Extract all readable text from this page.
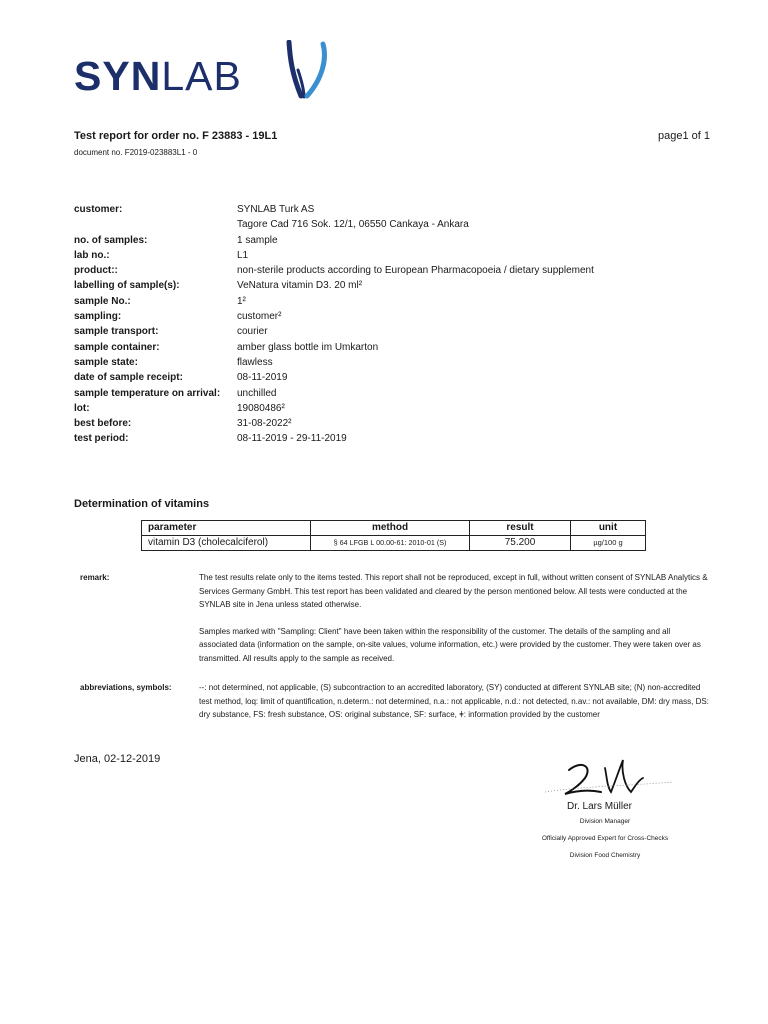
SYNLAB
Test report for order no. F 23883 - 19L1	page1 of 1
document no. F2019-023883L1 - 0
customer:	SYNLAB Turk AS
Tagore Cad 716 Sok. 12/1, 06550 Cankaya - Ankara
no. of samples:	1 sample
lab no.:	L1
product::	non-sterile products according to European Pharmacopoeia / dietary supplement
labelling of sample(s):	VeNatura vitamin D3. 20 ml²
sample No.:	1²
sampling:	customer²
sample transport:	courier
sample container:	amber glass bottle im Umkarton
sample state:	flawless
date of sample receipt:	08-11-2019
sample temperature on arrival:	unchilled
lot:	19080486²
best before:	31-08-2022²
test period:	08-11-2019 - 29-11-2019
Determination of vitamins
parameter	method	result	unit
vitamin D3 (cholecalciferol)	§ 64 LFGB L 00.00-61: 2010-01 (S)	75.200	µg/100 g
remark:	The test results relate only to the items tested. This report shall not be reproduced, except in full, without written consent of SYNLAB Analytics & Services Germany GmbH. This test report has been validated and cleared by the person mentioned below. All tests were conducted at the SYNLAB site in Jena unless stated otherwise.

Samples marked with "Sampling: Client" have been taken within the responsibility of the customer. The details of the sampling and all associated data (information on the sample, on-site values, volume information, etc.) were provided by the customer. They were taken over as transmitted. All results apply to the sample as received.

abbreviations, symbols:	--: not determined, not applicable, (S) subcontraction to an accredited laboratory, (SY) conducted at different SYNLAB site; (N) non-accredited test method, loq: limit of quantification, n.determ.: not determined, n.a.: not applicable, n.d.: not detected, n.av.: not available, DM: dry mass, DS: dry substance, FS: fresh substance, OS: original substance, SF: surface, ǂ: information provided by the customer
Jena, 02-12-2019
Dr. Lars Müller
Division Manager
Officially Approved Expert for Cross-Checks
Division Food Chemistry
